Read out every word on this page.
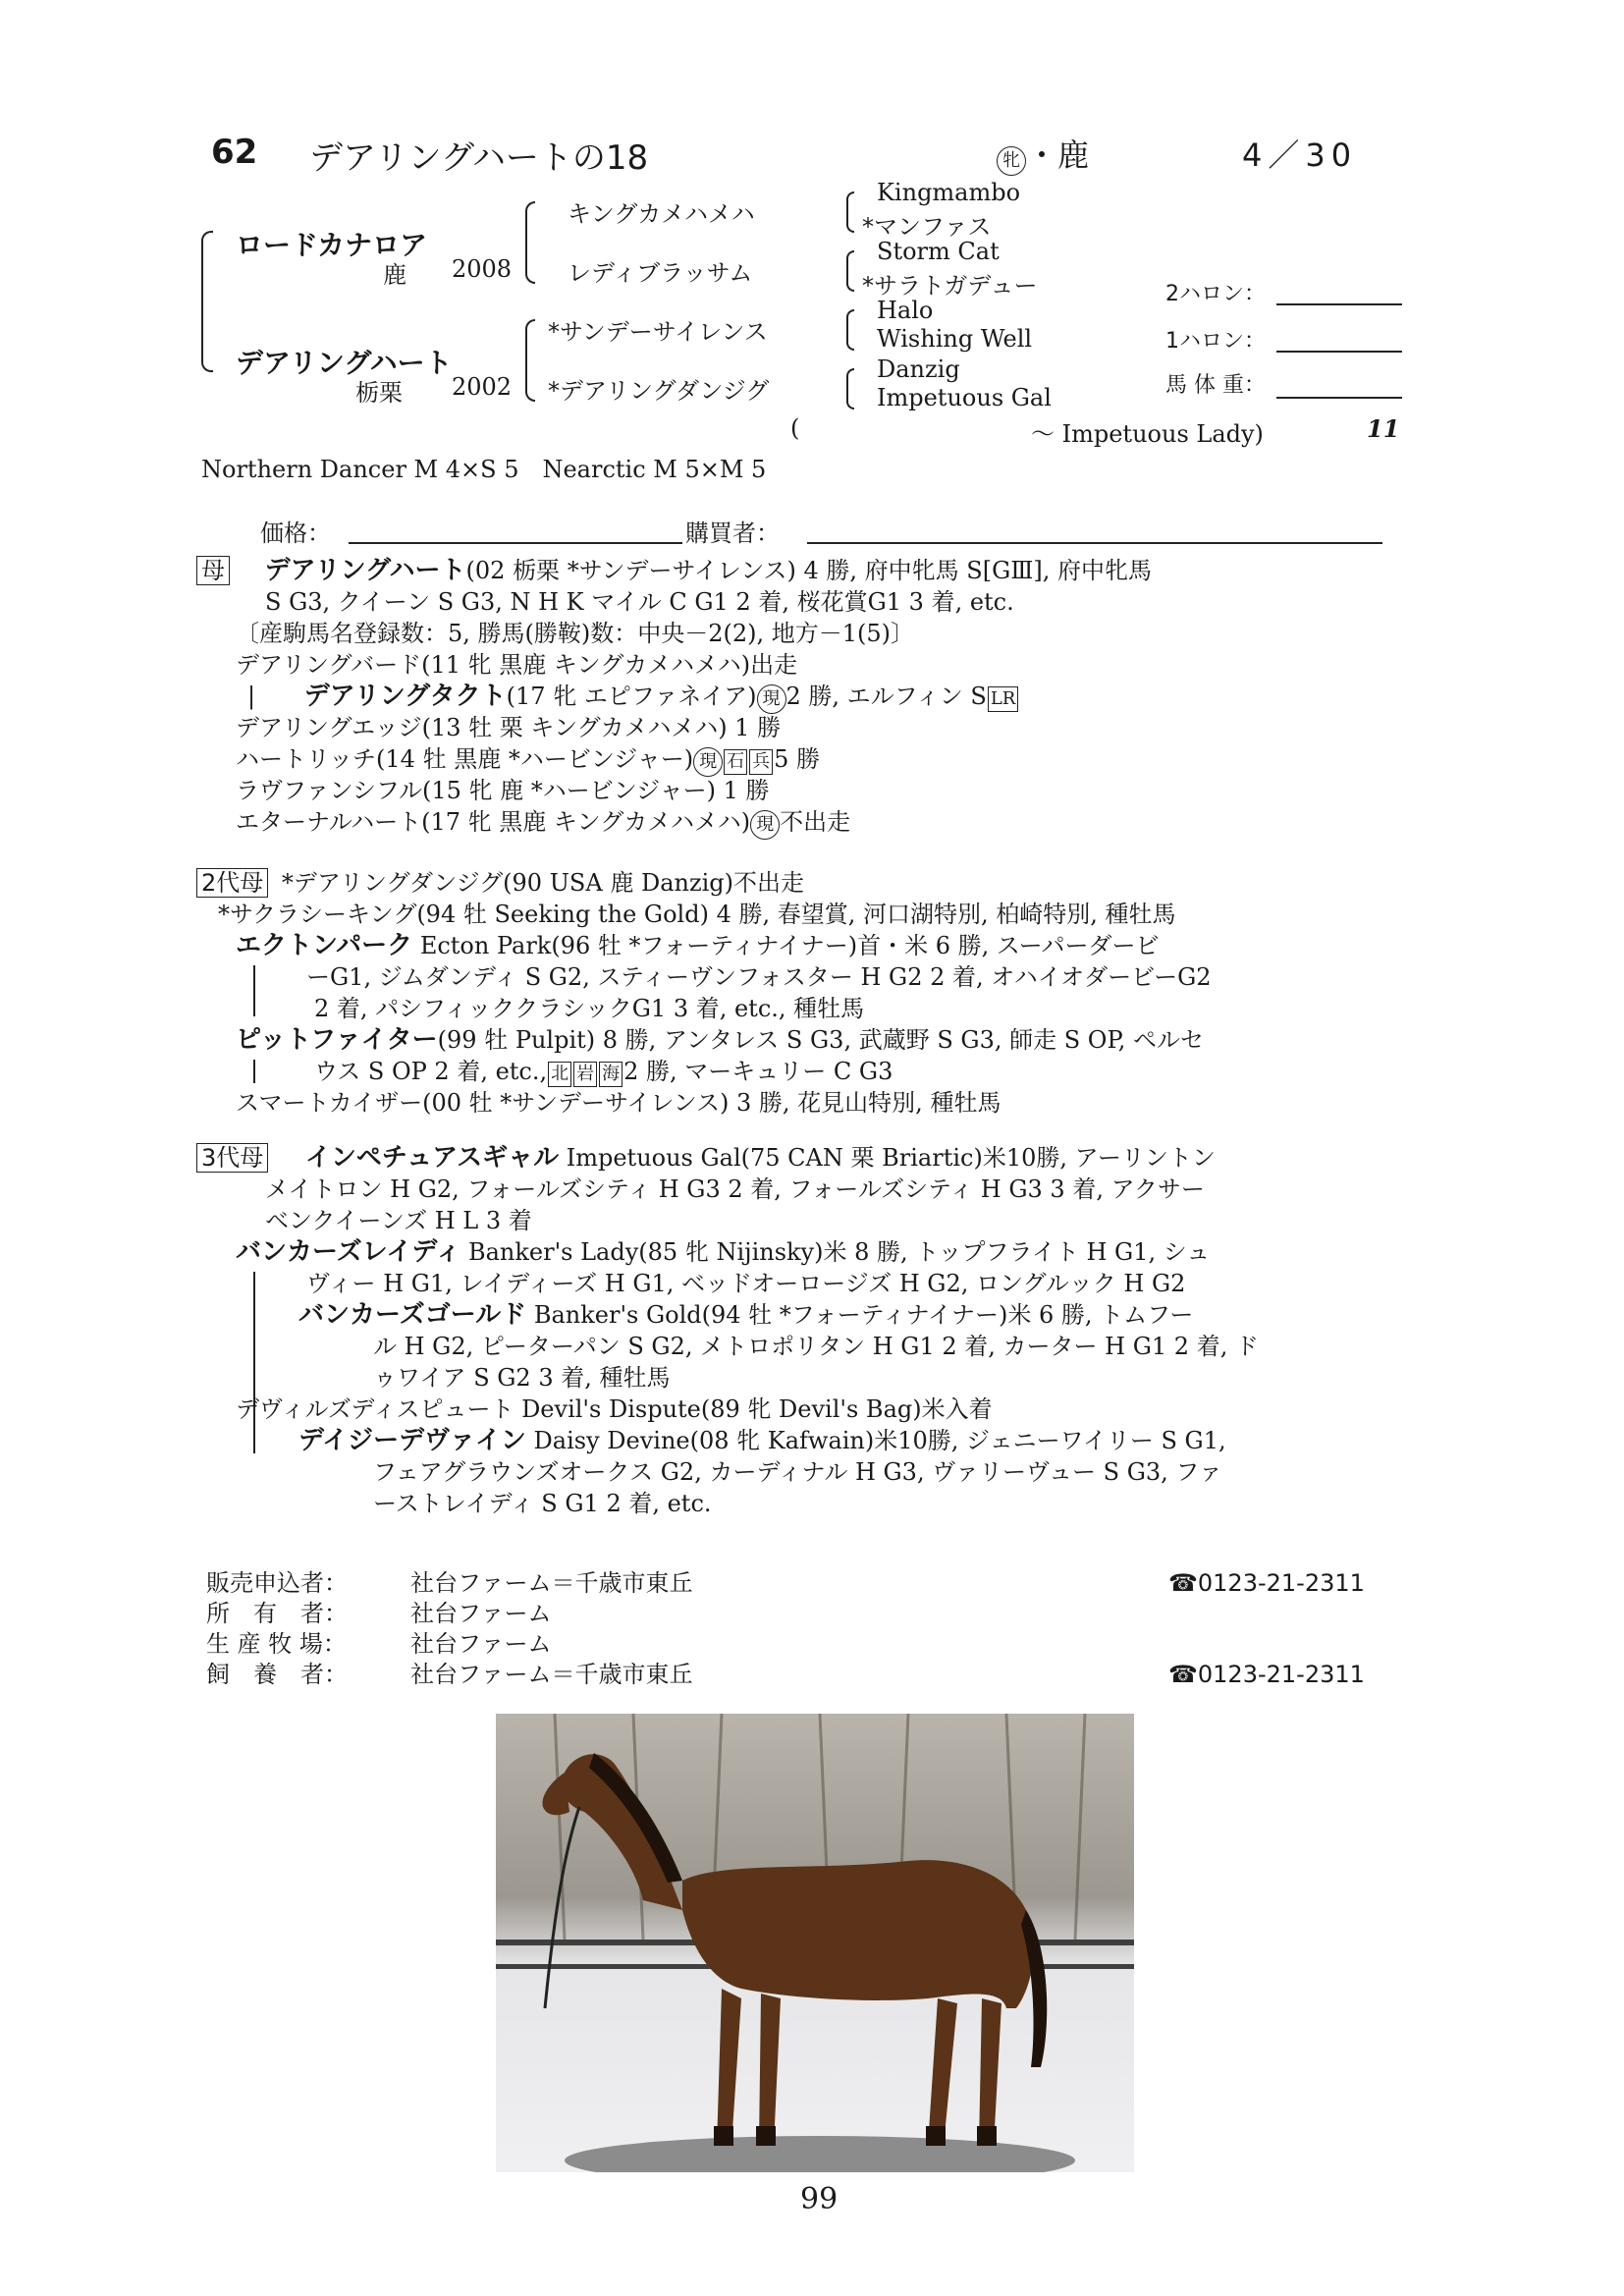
62 デアリングハートの18	牝 ・鹿	4／30
ロードカナロア
鹿 2008
デアリングハート
栃栗 2002
キングカメハメハ
レディブラッサム
*サンデーサイレンス
*デアリングダンジグ
Kingmambo
*マンファス
Storm Cat
*サラトガデュー
Halo
Wishing Well
Danzig
Impetuous Gal
(	〜 Impetuous Lady)	11
Northern Dancer M 4×S 5　Nearctic M 5×M 5
2ハロン：
1ハロン：
馬 体 重：
価格：	購買者：
母 デアリングハート(02 栃栗 *サンデーサイレンス) 4 勝, 府中牝馬 S[GⅢ], 府中牝馬
S G3, クイーン S G3, N H K マイル C G1 2 着, 桜花賞G1 3 着, etc.
〔産駒馬名登録数：5, 勝馬(勝鞍)数：中央－2(2), 地方－1(5)〕
デアリングバード(11 牝 黒鹿 キングカメハメハ)出走
| デアリングタクト(17 牝 エピファネイア) 現 2 勝, エルフィン S LR
デアリングエッジ(13 牡 栗 キングカメハメハ) 1 勝
ハートリッチ(14 牡 黒鹿 *ハービンジャー) 現 石 兵 5 勝
ラヴファンシフル(15 牝 鹿 *ハービンジャー) 1 勝
エターナルハート(17 牝 黒鹿 キングカメハメハ) 現 不出走
2代母 *デアリングダンジグ(90 USA 鹿 Danzig)不出走
*サクラシーキング(94 牡 Seeking the Gold) 4 勝, 春望賞, 河口湖特別, 柏崎特別, 種牡馬
エクトンパーク Ecton Park(96 牡 *フォーティナイナー)首・米 6 勝, スーパーダービ
ーG1, ジムダンディ S G2, スティーヴンフォスター H G2 2 着, オハイオダービーG2
2 着, パシフィッククラシックG1 3 着, etc., 種牡馬
ピットファイター(99 牡 Pulpit) 8 勝, アンタレス S G3, 武蔵野 S G3, 師走 S OP, ペルセ
ウス S OP 2 着, etc., 北 岩 海 2 勝, マーキュリー C G3
スマートカイザー(00 牡 *サンデーサイレンス) 3 勝, 花見山特別, 種牡馬
3代母 インペチュアスギャル Impetuous Gal(75 CAN 栗 Briartic)米10勝, アーリントン
メイトロン H G2, フォールズシティ H G3 2 着, フォールズシティ H G3 3 着, アクサー
ベンクイーンズ H L 3 着
バンカーズレイディ Banker's Lady(85 牝 Nijinsky)米 8 勝, トップフライト H G1, シュ
ヴィー H G1, レイディーズ H G1, ベッドオーロージズ H G2, ロングルック H G2
バンカーズゴールド Banker's Gold(94 牡 *フォーティナイナー)米 6 勝, トムフー
ル H G2, ピーターパン S G2, メトロポリタン H G1 2 着, カーター H G1 2 着, ド
ゥワイア S G2 3 着, 種牡馬
デヴィルズディスピュート Devil's Dispute(89 牝 Devil's Bag)米入着
デイジーデヴァイン Daisy Devine(08 牝 Kafwain)米10勝, ジェニーワイリー S G1,
フェアグラウンズオークス G2, カーディナル H G3, ヴァリーヴュー S G3, ファ
ーストレイディ S G1 2 着, etc.
販売申込者：	社台ファーム＝千歳市東丘	☎0123-21-2311
所　有　者：	社台ファーム
生 産 牧 場：	社台ファーム
飼　養　者：	社台ファーム＝千歳市東丘	☎0123-21-2311
99
